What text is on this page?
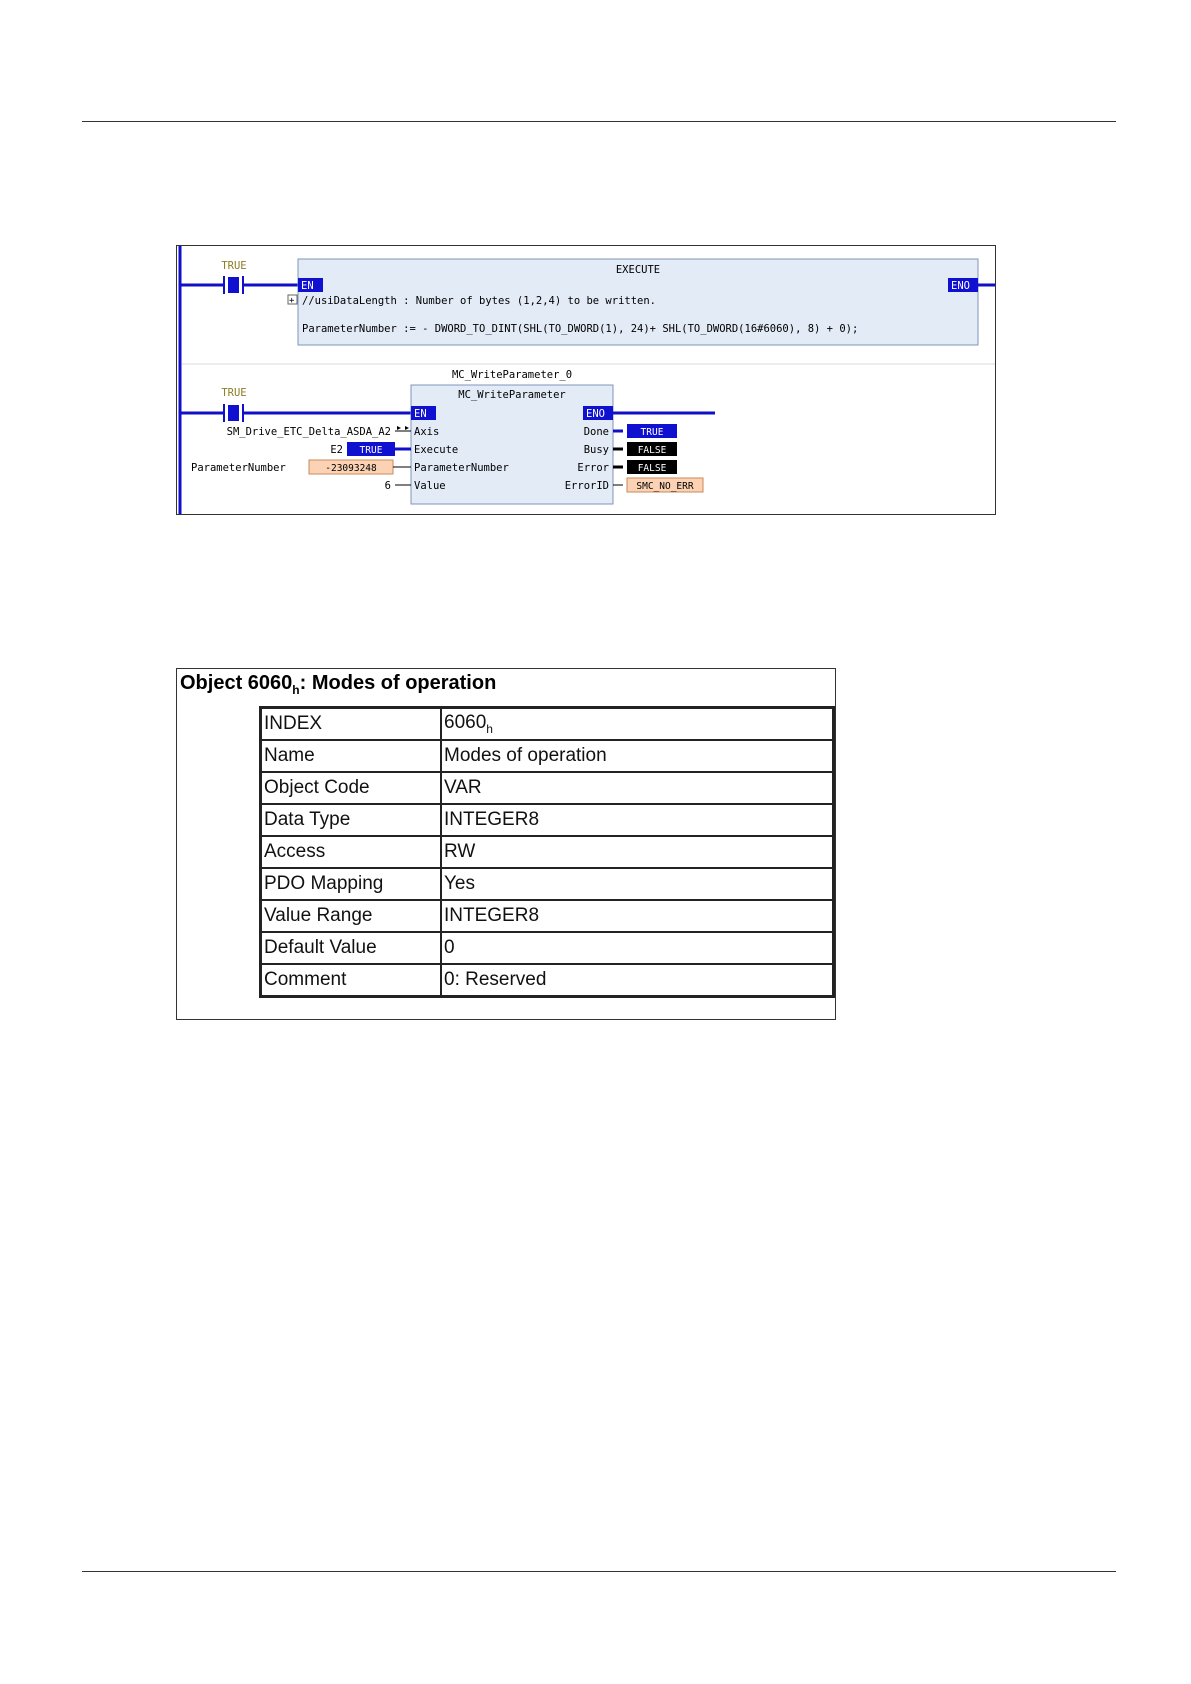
TRUE	EXECUTE
EN	ENO
+ //usiDataLength : Number of bytes (1,2,4) to be written.
ParameterNumber := - DWORD_TO_DINT(SHL(TO_DWORD(1), 24)+ SHL(TO_DWORD(16#6060), 8) + 0);
TRUE
MC_WriteParameter_0
MC_WriteParameter
EN	ENO
Axis
SM_Drive_ETC_Delta_ASDA_A2
Execute
E2 TRUE
ParameterNumber
ParameterNumber	-23093248
Value
6
Done	TRUE
Busy	FALSE
Error	FALSE
ErrorID	SMC_NO_ERR
Object $6060_h$: Modes of operation
INDEX	$6060_h$
Name	Modes of operation
Object Code	VAR
Data Type	INTEGER8
Access	RW
PDO Mapping	Yes
Value Range	INTEGER8
Default Value	0
Comment	0: Reserved
